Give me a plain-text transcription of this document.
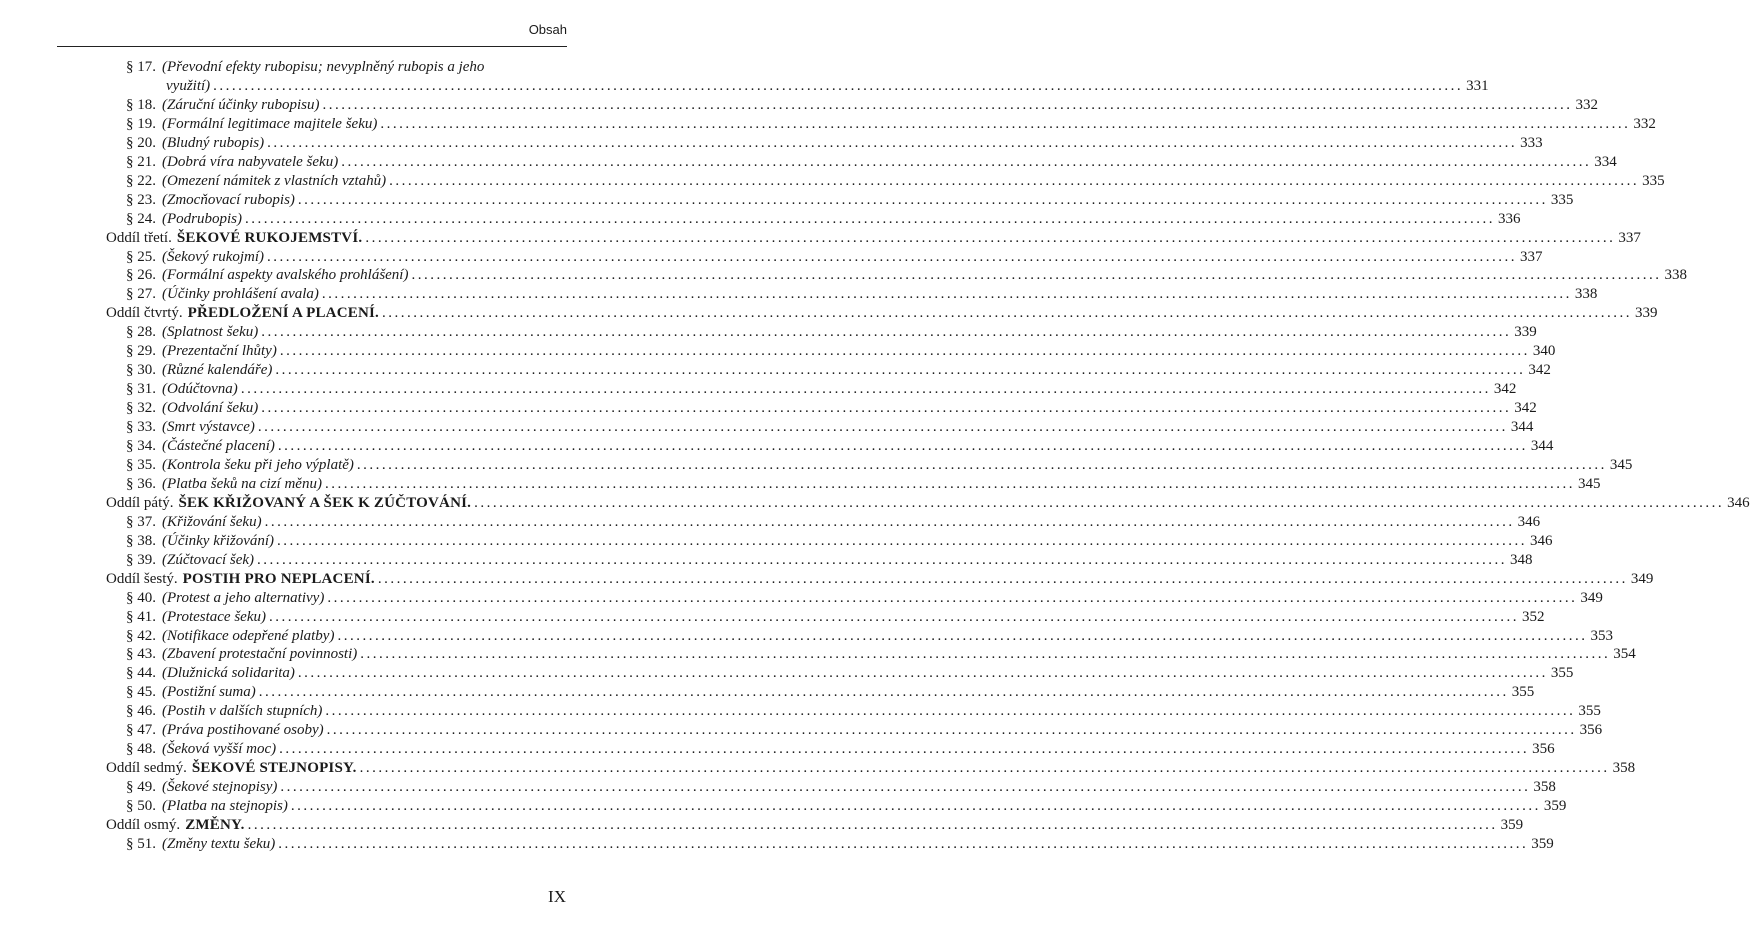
Obsah
§ 17. (Převodní efekty rubopisu; nevyplněný rubopis a jeho
využití) ........................................................................................................................................................................................................ 331
§ 18. (Záruční účinky rubopisu) ........................................................................................................................................................................................................ 332
§ 19. (Formální legitimace majitele šeku) ........................................................................................................................................................................................................ 332
§ 20. (Bludný rubopis) ........................................................................................................................................................................................................ 333
§ 21. (Dobrá víra nabyvatele šeku) ........................................................................................................................................................................................................ 334
§ 22. (Omezení námitek z vlastních vztahů) ........................................................................................................................................................................................................ 335
§ 23. (Zmocňovací rubopis) ........................................................................................................................................................................................................ 335
§ 24. (Podrubopis) ........................................................................................................................................................................................................ 336
Oddíl třetí. ŠEKOVÉ RUKOJEMSTVÍ. ........................................................................................................................................................................................................ 337
§ 25. (Šekový rukojmí) ........................................................................................................................................................................................................ 337
§ 26. (Formální aspekty avalského prohlášení) ........................................................................................................................................................................................................ 338
§ 27. (Účinky prohlášení avala) ........................................................................................................................................................................................................ 338
Oddíl čtvrtý. PŘEDLOŽENÍ A PLACENÍ. ........................................................................................................................................................................................................ 339
§ 28. (Splatnost šeku) ........................................................................................................................................................................................................ 339
§ 29. (Prezentační lhůty) ........................................................................................................................................................................................................ 340
§ 30. (Různé kalendáře) ........................................................................................................................................................................................................ 342
§ 31. (Odúčtovna) ........................................................................................................................................................................................................ 342
§ 32. (Odvolání šeku) ........................................................................................................................................................................................................ 342
§ 33. (Smrt výstavce) ........................................................................................................................................................................................................ 344
§ 34. (Částečné placení) ........................................................................................................................................................................................................ 344
§ 35. (Kontrola šeku při jeho výplatě) ........................................................................................................................................................................................................ 345
§ 36. (Platba šeků na cizí měnu) ........................................................................................................................................................................................................ 345
Oddíl pátý. ŠEK KŘIŽOVANÝ A ŠEK K ZÚČTOVÁNÍ. ........................................................................................................................................................................................................ 346
§ 37. (Křižování šeku) ........................................................................................................................................................................................................ 346
§ 38. (Účinky křižování) ........................................................................................................................................................................................................ 346
§ 39. (Zúčtovací šek) ........................................................................................................................................................................................................ 348
Oddíl šestý. POSTIH PRO NEPLACENÍ. ........................................................................................................................................................................................................ 349
§ 40. (Protest a jeho alternativy) ........................................................................................................................................................................................................ 349
§ 41. (Protestace šeku) ........................................................................................................................................................................................................ 352
§ 42. (Notifikace odepřené platby) ........................................................................................................................................................................................................ 353
§ 43. (Zbavení protestační povinnosti) ........................................................................................................................................................................................................ 354
§ 44. (Dlužnická solidarita) ........................................................................................................................................................................................................ 355
§ 45. (Postižní suma) ........................................................................................................................................................................................................ 355
§ 46. (Postih v dalších stupních) ........................................................................................................................................................................................................ 355
§ 47. (Práva postihované osoby) ........................................................................................................................................................................................................ 356
§ 48. (Šeková vyšší moc) ........................................................................................................................................................................................................ 356
Oddíl sedmý. ŠEKOVÉ STEJNOPISY. ........................................................................................................................................................................................................ 358
§ 49. (Šekové stejnopisy) ........................................................................................................................................................................................................ 358
§ 50. (Platba na stejnopis) ........................................................................................................................................................................................................ 359
Oddíl osmý. ZMĚNY. ........................................................................................................................................................................................................ 359
§ 51. (Změny textu šeku) ........................................................................................................................................................................................................ 359
IX
